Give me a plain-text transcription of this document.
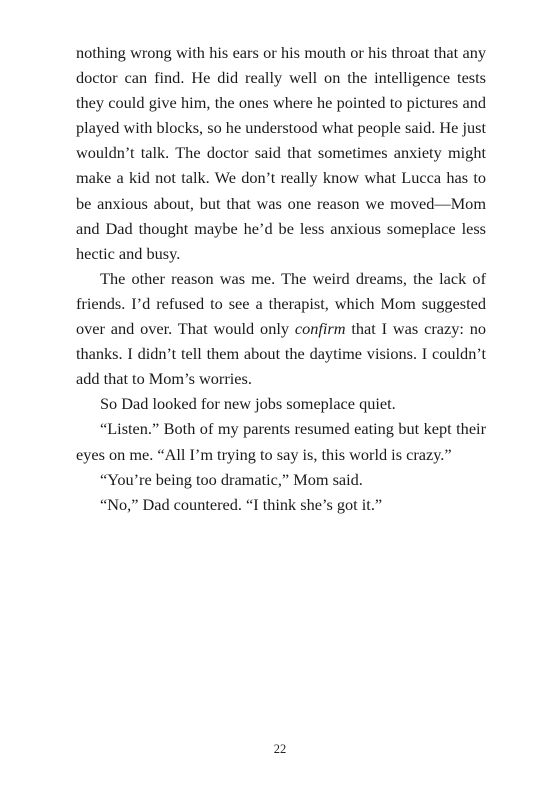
nothing wrong with his ears or his mouth or his throat that any doctor can find. He did really well on the intelligence tests they could give him, the ones where he pointed to pictures and played with blocks, so he understood what people said. He just wouldn’t talk. The doctor said that sometimes anxiety might make a kid not talk. We don’t really know what Lucca has to be anxious about, but that was one reason we moved—Mom and Dad thought maybe he’d be less anxious someplace less hectic and busy.

The other reason was me. The weird dreams, the lack of friends. I’d refused to see a therapist, which Mom suggested over and over. That would only confirm that I was crazy: no thanks. I didn’t tell them about the daytime visions. I couldn’t add that to Mom’s worries.

So Dad looked for new jobs someplace quiet.

“Listen.” Both of my parents resumed eating but kept their eyes on me. “All I’m trying to say is, this world is crazy.”

“You’re being too dramatic,” Mom said.

“No,” Dad countered. “I think she’s got it.”

22
